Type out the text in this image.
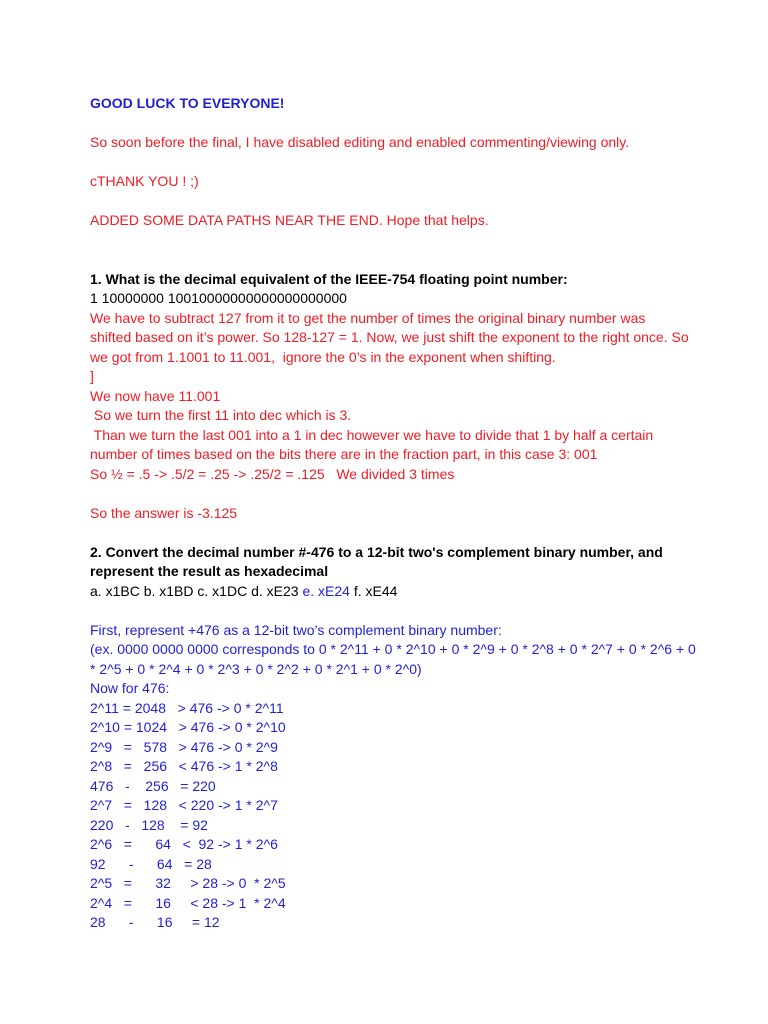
GOOD LUCK TO EVERYONE!
So soon before the final, I have disabled editing and enabled commenting/viewing only.
cTHANK YOU ! ;)
ADDED SOME DATA PATHS NEAR THE END. Hope that helps.
1. What is the decimal equivalent of the IEEE-754 floating point number:
1 10000000 10010000000000000000000
We have to subtract 127 from it to get the number of times the original binary number was
shifted based on it’s power. So 128-127 = 1. Now, we just shift the exponent to the right once. So
we got from 1.1001 to 11.001,  ignore the 0’s in the exponent when shifting.
]
We now have 11.001
So we turn the first 11 into dec which is 3.
Than we turn the last 001 into a 1 in dec however we have to divide that 1 by half a certain
number of times based on the bits there are in the fraction part, in this case 3: 001
So ½ = .5 -> .5/2 = .25 -> .25/2 = .125   We divided 3 times
So the answer is -3.125
2. Convert the decimal number #-476 to a 12-bit two's complement binary number, and
represent the result as hexadecimal
a. x1BC b. x1BD c. x1DC d. xE23 e. xE24 f. xE44
First, represent +476 as a 12-bit two’s complement binary number:
(ex. 0000 0000 0000 corresponds to 0 * 2^11 + 0 * 2^10 + 0 * 2^9 + 0 * 2^8 + 0 * 2^7 + 0 * 2^6 + 0
* 2^5 + 0 * 2^4 + 0 * 2^3 + 0 * 2^2 + 0 * 2^1 + 0 * 2^0)
Now for 476:
2^11 = 2048   > 476 -> 0 * 2^11
2^10 = 1024   > 476 -> 0 * 2^10
2^9   =   578   > 476 -> 0 * 2^9
2^8   =   256   < 476 -> 1 * 2^8
476   -    256   = 220
2^7   =   128   < 220 -> 1 * 2^7
220   -   128    = 92
2^6   =      64   <  92 -> 1 * 2^6
92      -      64   = 28
2^5   =      32     > 28 -> 0  * 2^5
2^4   =      16     < 28 -> 1  * 2^4
28      -      16     = 12
